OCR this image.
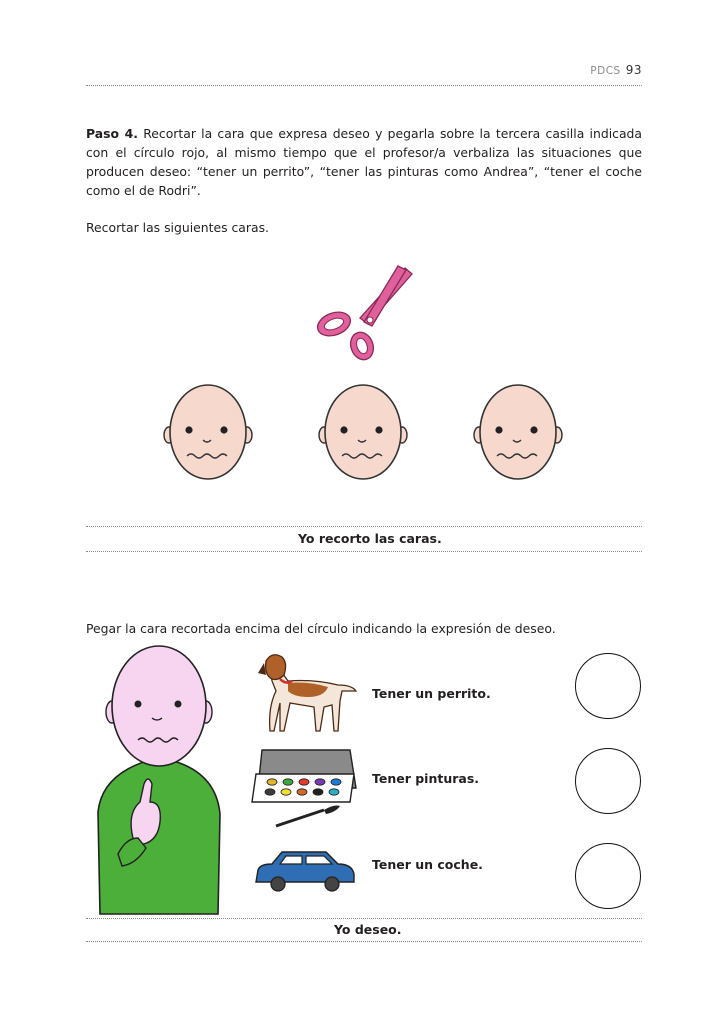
PDCS 93
Paso 4. Recortar la cara que expresa deseo y pegarla sobre la tercera casilla indicada con el círculo rojo, al mismo tiempo que el profesor/a verbaliza las situaciones que producen deseo: “tener un perrito”, “tener las pinturas como Andrea”, “tener el coche como el de Rodri”.
Recortar las siguientes caras.
Yo recorto las caras.
Pegar la cara recortada encima del círculo indicando la expresión de deseo.
Tener un perrito.
Tener pinturas.
Tener un coche.
Yo deseo.
